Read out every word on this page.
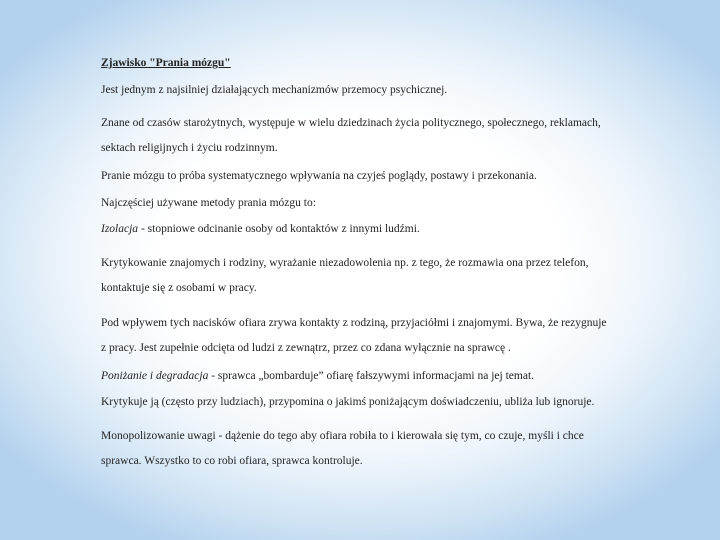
Zjawisko "Prania mózgu"
Jest jednym z najsilniej działających mechanizmów przemocy psychicznej.
Znane od czasów starożytnych, występuje w wielu dziedzinach życia politycznego, społecznego, reklamach,
sektach religijnych i życiu rodzinnym.
Pranie mózgu to próba systematycznego wpływania na czyjeś poglądy, postawy i przekonania.
Najczęściej używane metody prania mózgu to:
Izolacja - stopniowe odcinanie osoby od kontaktów z innymi ludźmi.
Krytykowanie znajomych i rodziny, wyrażanie niezadowolenia np. z tego, że rozmawia ona przez telefon,
kontaktuje się z osobami w pracy.
Pod wpływem tych nacisków ofiara zrywa kontakty z rodziną, przyjaciółmi i znajomymi. Bywa, że rezygnuje
z pracy. Jest zupełnie odcięta od ludzi z zewnątrz, przez co zdana wyłącznie na sprawcę .
Poniżanie i degradacja - sprawca „bombarduje” ofiarę fałszywymi informacjami na jej temat.
Krytykuje ją (często przy ludziach), przypomina o jakimś poniżającym doświadczeniu, ubliża lub ignoruje.
Monopolizowanie uwagi - dążenie do tego aby ofiara robiła to i kierowała się tym, co czuje, myśli i chce
sprawca. Wszystko to co robi ofiara, sprawca kontroluje.
